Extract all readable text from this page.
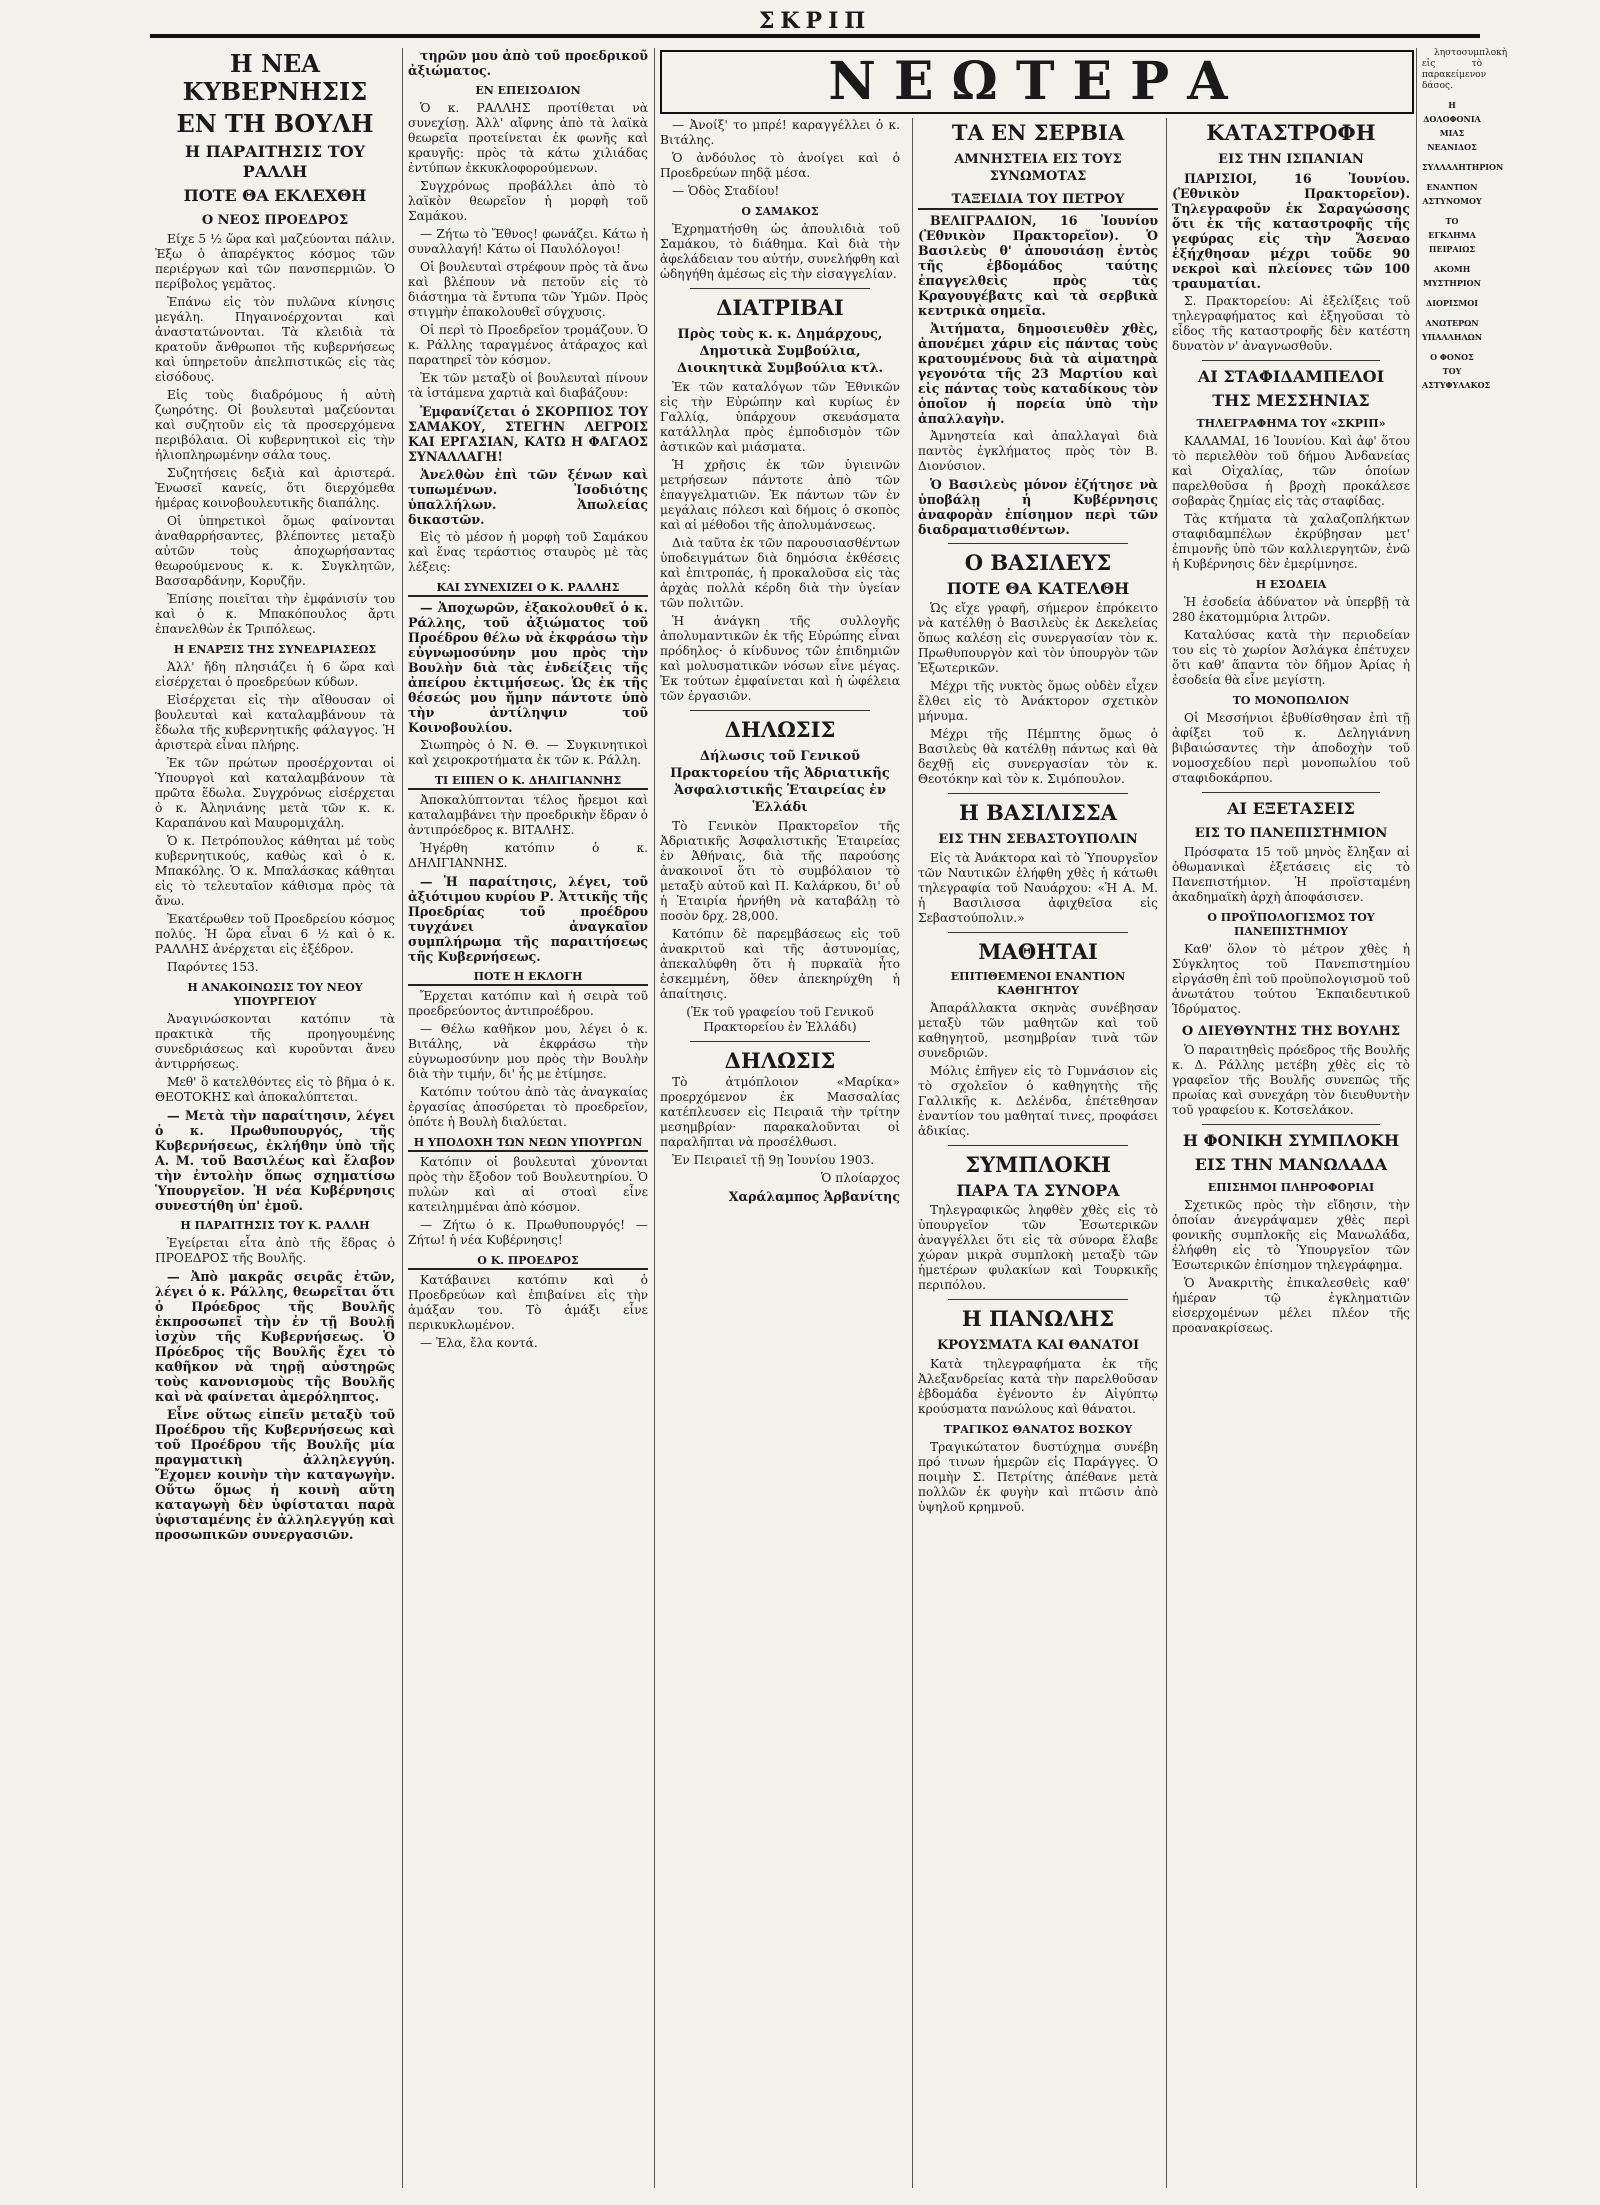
ΣΚΡΙΠ
Η ΝΕΑ ΚΥΒΕΡΝΗΣΙΣ
ΕΝ ΤΗ ΒΟΥΛΗ
Η ΠΑΡΑΙΤΗΣΙΣ ΤΟΥ ΡΑΛΛΗ
ΠΟΤΕ ΘΑ ΕΚΛΕΧΘΗ
Ο ΝΕΟΣ ΠΡΟΕΔΡΟΣ

Είχε 5 ½ ὥρα καὶ μαζεύονται πάλιν. Ἐξω ὁ ἀπαρέγκτος κόσμος τῶν περιέργων καὶ τῶν πανσπερμιῶν. Ὁ περίβολος γεμᾶτος.

Ἐπάνω εἰς τὸν πυλῶνα κίνησις μεγάλη. Πηγαινοέρχονται καὶ ἀναστατώνονται. Τὰ κλειδιὰ τὰ κρατοῦν ἄνθρωποι τῆς κυβερνήσεως καὶ ὑπηρετοῦν ἀπελπιστικῶς εἰς τὰς εἰσόδους.

Εἰς τοὺς διαδρόμους ἡ αὐτὴ ζωηρότης. Οἱ βουλευταὶ μαζεύονται καὶ συζητοῦν εἰς τὰ προσερχόμενα περιβόλαια. Οἱ κυβερνητικοὶ εἰς τὴν ἡλιοπληρωμένην σάλα τους.

Συζητήσεις δεξιὰ καὶ ἀριστερά. Ἐνωσεῖ κανείς, ὅτι διερχόμεθα ἡμέρας κοινοβουλευτικῆς διαπάλης.

Οἱ ὑπηρετικοὶ ὅμως φαίνονται ἀναθαρρήσαντες, βλέποντες μεταξὺ αὐτῶν τοὺς ἀποχωρήσαντας θεωρούμενους κ. κ. Συγκλητῶν, Βασσαρδάνην, Κορυζῆν.

Ἐπίσης ποιεῖται τὴν ἐμφάνισίν του καὶ ὁ κ. Μπακόπουλος ἄρτι ἐπανελθὼν ἐκ Τριπόλεως.

Η ΕΝΑΡΞΙΣ ΤΗΣ ΣΥΝΕΔΡΙΑΣΕΩΣ

Ἀλλ' ἤδη πλησιάζει ἡ 6 ὥρα καὶ εἰσέρχεται ὁ προεδρεύων κύδων.

Εἰσέρχεται εἰς τὴν αἴθουσαν οἱ βουλευταὶ καὶ καταλαμβάνουν τὰ ἔδωλα τῆς κυβερνητικῆς φάλαγγος. Ἡ ἀριστερὰ εἶναι πλήρης.

Ἐκ τῶν πρώτων προσέρχονται οἱ Ὑπουργοὶ καὶ καταλαμβάνουν τὰ πρῶτα ἕδωλα. Συγχρόνως εἰσέρχεται ὁ κ. Ἀληνιάνης μετὰ τῶν κ. κ. Καραπάνου καὶ Μαυρομιχάλη.

Ὁ κ. Πετρόπουλος κάθηται μέ τοὺς κυβερνητικούς, καθὼς καὶ ὁ κ. Μπακόλης. Ὁ κ. Μπαλάσκας κάθηται εἰς τὸ τελευταῖον κάθισμα πρὸς τὰ ἄνω.

Ἐκατέρωθεν τοῦ Προεδρείου κόσμος πολύς. Ἡ ὥρα εἶναι 6 ½ καὶ ὁ κ. ΡΑΛΛΗΣ ἀνέρχεται εἰς ἐξέδρον.

Παρόντες 153.

Η ΑΝΑΚΟΙΝΩΣΙΣ ΤΟΥ ΝΕΟΥ ΥΠΟΥΡΓΕΙΟΥ

Ἀναγινώσκονται κατόπιν τὰ πρακτικὰ τῆς προηγουμένης συνεδριάσεως καὶ κυροῦνται ἄνευ ἀντιρρήσεως.

Μεθ' ὃ κατελθόντες εἰς τὸ βῆμα ὁ κ. ΘΕΟΤΟΚΗΣ καὶ ἀποκαλύπτεται.

— Μετὰ τὴν παραίτησιν, λέγει ὁ κ. Πρωθυπουργός, τῆς Κυβερνήσεως, ἐκλήθην ὑπὸ τῆς Α. Μ. τοῦ Βασιλέως καὶ ἔλαβον τὴν ἐντολὴν ὅπως σχηματίσω Ὑπουργεῖον. Ἡ νέα Κυβέρνησις συνεστήθη ὑπ' ἐμοῦ.

Η ΠΑΡΑΙΤΗΣΙΣ ΤΟΥ Κ. ΡΑΛΛΗ

Ἐγείρεται εἶτα ἀπὸ τῆς ἕδρας ὁ ΠΡΟΕΔΡΟΣ τῆς Βουλῆς.

— Ἀπὸ μακρᾶς σειρᾶς ἐτῶν, λέγει ὁ κ. Ράλλης, θεωρεῖται ὅτι ὁ Πρόεδρος τῆς Βουλῆς ἐκπροσωπεῖ τὴν ἐν τῇ Βουλῇ ἰσχὺν τῆς Κυβερνήσεως. Ὁ Πρόεδρος τῆς Βουλῆς ἔχει τὸ καθῆκον νὰ τηρῇ αὐστηρῶς τοὺς κανονισμοὺς τῆς Βουλῆς καὶ νὰ φαίνεται ἀμερόληπτος.

Εἶνε οὕτως εἰπεῖν μεταξὺ τοῦ Προέδρου τῆς Κυβερνήσεως καὶ τοῦ Προέδρου τῆς Βουλῆς μία πραγματικὴ ἀλληλεγγύη. Ἔχομεν κοινὴν τὴν καταγωγὴν. Οὕτω ὅμως ἡ κοινὴ αὕτη καταγωγὴ δὲν ὑφίσταται παρὰ ὑφισταμένης ἐν ἀλληλεγγύῃ καὶ προσωπικῶν συνεργασιῶν.

τηρῶν μου ἀπὸ τοῦ προεδρικοῦ ἀξιώματος.

ΕΝ ΕΠΕΙΣΟΔΙΟΝ

Ὁ κ. ΡΑΛΛΗΣ προτίθεται νὰ συνεχίσῃ. Ἀλλ' αἴφνης ἀπὸ τὰ λαϊκὰ θεωρεῖα προτείνεται ἐκ φωνῆς καὶ κραυγῆς: πρὸς τὰ κάτω χιλιάδας ἐντύπων ἐκκυκλοφορούμενων.

Συγχρόνως προβάλλει ἀπὸ τὸ λαϊκὸν θεωρεῖον ἡ μορφὴ τοῦ Σαμάκου.

— Ζήτω τὸ Ἔθνος! φωνάζει. Κάτω ἡ συναλλαγή! Κάτω οἱ Παυλόλογοι!

Οἱ βουλευταὶ στρέφουν πρὸς τὰ ἄνω καὶ βλέπουν νὰ πετοῦν εἰς τὸ διάστημα τὰ ἔντυπα τῶν Ὑμῶν. Πρὸς στιγμὴν ἐπακολουθεῖ σύγχυσις.

Οἱ περὶ τὸ Προεδρεῖον τρομάζουν. Ὁ κ. Ράλλης ταραγμένος ἀτάραχος καὶ παρατηρεῖ τὸν κόσμον.

Ἐκ τῶν μεταξὺ οἱ βουλευταὶ πίνουν τὰ ἱστάμενα χαρτιὰ καὶ διαβάζουν:

Ἐμφανίζεται ὁ ΣΚΟΡΠΙΟΣ ΤΟΥ ΣΑΜΑΚΟΥ, ΣΤΕΓΗΝ ΛΕΓΡΟΙΣ ΚΑΙ ΕΡΓΑΣΙΑΝ, ΚΑΤΩ Η ΦΑΓΑΟΣ ΣΥΝΑΛΛΑΓΗ!

Ἀνελθὼν ἐπὶ τῶν ξένων καὶ τυπωμένων. Ἰσοδιότης ὑπαλλήλων. Ἀπωλείας δικαστῶν.

Εἰς τὸ μέσον ἡ μορφὴ τοῦ Σαμάκου καὶ ἕνας τεράστιος σταυρὸς μὲ τὰς λέξεις:

ΚΑΙ ΣΥΝΕΧΙΖΕΙ Ο Κ. ΡΑΛΛΗΣ

— Ἀποχωρῶν, ἐξακολουθεῖ ὁ κ. Ράλλης, τοῦ ἀξιώματος τοῦ Προέδρου θέλω νὰ ἐκφράσω τὴν εὐγνωμοσύνην μου πρὸς τὴν Βουλὴν διὰ τὰς ἐνδείξεις τῆς ἀπείρου ἐκτιμήσεως. Ὡς ἐκ τῆς θέσεώς μου ἤμην πάντοτε ὑπὸ τὴν ἀντίληψιν τοῦ Κοινοβουλίου.

Σιωπηρὸς ὁ Ν. Θ. — Συγκινητικοὶ καὶ χειροκροτήματα ἐκ τῶν κ. Ράλλη.

ΤΙ ΕΙΠΕΝ Ο Κ. ΔΗΛΙΓΙΑΝΝΗΣ

Ἀποκαλύπτονται τέλος ἤρεμοι καὶ καταλαμβάνει τὴν προεδρικὴν ἕδραν ὁ ἀντιπρόεδρος κ. ΒΙΤΑΛΗΣ.

Ἠγέρθη κατόπιν ὁ κ. ΔΗΛΙΓΙΑΝΝΗΣ.

— Ἡ παραίτησις, λέγει, τοῦ ἀξιότιμου κυρίου Ρ. Ἀττικῆς τῆς Προεδρίας τοῦ προέδρου τυγχάνει ἀναγκαῖον συμπλήρωμα τῆς παραιτήσεως τῆς Κυβερνήσεως.

ΠΟΤΕ Η ΕΚΛΟΓΗ

Ἔρχεται κατόπιν καὶ ἡ σειρὰ τοῦ προεδρεύοντος ἀντιπροέδρου.

— Θέλω καθῆκον μου, λέγει ὁ κ. Βιτάλης, νὰ ἐκφράσω τὴν εὐγνωμοσύνην μου πρὸς τὴν Βουλὴν διὰ τὴν τιμήν, δι' ἧς με ἐτίμησε.

Κατόπιν τούτου ἀπὸ τὰς ἀναγκαίας ἐργασίας ἀποσύρεται τὸ προεδρεῖον, ὁπότε ἡ Βουλὴ διαλύεται.

Η ΥΠΟΔΟΧΗ ΤΩΝ ΝΕΩΝ ΥΠΟΥΡΓΩΝ

Κατόπιν οἱ βουλευταὶ χύνονται πρὸς τὴν ἔξοδον τοῦ Βουλευτηρίου. Ὁ πυλὼν καὶ αἱ στοαὶ εἶνε κατειλημμέναι ἀπὸ κόσμον.

— Ζήτω ὁ κ. Πρωθυπουργός! — Ζήτω! ἡ νέα Κυβέρνησις!

Ο Κ. ΠΡΟΕΔΡΟΣ

Κατάβαινει κατόπιν καὶ ὁ Προεδρεύων καὶ ἐπιβαίνει εἰς τὴν ἁμάξαν του. Τὸ ἁμάξι εἶνε περικυκλωμένον.

— Ἐλα, ἔλα κοντά.

— Ἀνοίξ' το μπρέ! καραγγέλλει ὁ κ. Βιτάλης.

Ὁ ἀνδόυλος τὸ ἀνοίγει καὶ ὁ Προεδρεύων πηδᾷ μέσα.

— Ὁδὸς Σταδίου!

Ο ΣΑΜΑΚΟΣ

Ἐχρηματήσθη ὡς ἀπουλιδιὰ τοῦ Σαμάκου, τὸ διάθημα. Καὶ διὰ τὴν ἀφελάδειαν του αὐτήν, συνελήφθη καὶ ὡδηγήθη ἀμέσως εἰς τὴν εἰσαγγελίαν.

ΔΙΑΤΡΙΒΑΙ
Πρὸς τοὺς κ. κ. Δημάρχους, Δημοτικὰ Συμβούλια, Διοικητικὰ Συμβούλια κτλ.

Ἐκ τῶν καταλόγων τῶν Ἐθνικῶν εἰς τὴν Εὐρώπην καὶ κυρίως ἐν Γαλλίᾳ, ὑπάρχουν σκευάσματα κατάλληλα πρὸς ἐμποδισμὸν τῶν ἀστικῶν καὶ μιάσματα.

Ἡ χρῆσις ἐκ τῶν ὑγιεινῶν μετρήσεων πάντοτε ἀπὸ τῶν ἐπαγγελματιῶν. Ἐκ πάντων τῶν ἐν μεγάλαις πόλεσι καὶ δήμοις ὁ σκοπὸς καὶ αἱ μέθοδοι τῆς ἀπολυμάνσεως.

Διὰ ταῦτα ἐκ τῶν παρουσιασθέντων ὑποδειγμάτων διὰ δημόσια ἐκθέσεις καὶ ἐπιτροπάς, ἡ προκαλοῦσα εἰς τὰς ἀρχὰς πολλὰ κέρδη διὰ τὴν ὑγείαν τῶν πολιτῶν.

Ἡ ἀνάγκη τῆς συλλογῆς ἀπολυμαντικῶν ἐκ τῆς Εὐρώπης εἶναι πρόδηλος· ὁ κίνδυνος τῶν ἐπιδημιῶν καὶ μολυσματικῶν νόσων εἶνε μέγας. Ἐκ τούτων ἐμφαίνεται καὶ ἡ ὠφέλεια τῶν ἐργασιῶν.

ΔΗΛΩΣΙΣ
Δήλωσις τοῦ Γενικοῦ Πρακτορείου τῆς Ἀδριατικῆς Ἀσφαλιστικῆς Ἑταιρείας ἐν Ἑλλάδι

Τὸ Γενικὸν Πρακτορεῖον τῆς Ἀδριατικῆς Ἀσφαλιστικῆς Ἑταιρείας ἐν Ἀθήναις, διὰ τῆς παρούσης ἀνακοινοῖ ὅτι τὸ συμβόλαιον τὸ μεταξὺ αὐτοῦ καὶ Π. Καλάρκου, δι' οὗ ἡ Ἑταιρία ἠρνήθη νὰ καταβάλῃ τὸ ποσὸν δρχ. 28,000.

Κατόπιν δὲ παρεμβάσεως εἰς τοῦ ἀνακριτοῦ καὶ τῆς ἀστυνομίας, ἀπεκαλύφθη ὅτι ἡ πυρκαϊὰ ἦτο ἐσκεμμένη, ὅθεν ἀπεκηρύχθη ἡ ἀπαίτησις.

(Ἐκ τοῦ γραφείου τοῦ Γενικοῦ Πρακτορείου ἐν Ἑλλάδι)

ΔΗΛΩΣΙΣ

Τὸ ἀτμόπλοιον «Μαρίκα» προερχόμενον ἐκ Μασσαλίας κατέπλευσεν εἰς Πειραιᾶ τὴν τρίτην μεσημβρίαν· παρακαλοῦνται οἱ παραλῆπται νὰ προσέλθωσι.

Ἐν Πειραιεῖ τῇ 9ῃ Ἰουνίου 1903.

Ὁ πλοίαρχος

Χαράλαμπος Ἀρβανίτης

ΝΕΩΤΕΡΑ
ΤΑ ΕΝ ΣΕΡΒΙΑ
ΑΜΝΗΣΤΕΙΑ ΕΙΣ ΤΟΥΣ ΣΥΝΩΜΟΤΑΣ
ΤΑΞΕΙΔΙΑ ΤΟΥ ΠΕΤΡΟΥ

ΒΕΛΙΓΡΑΔΙΟΝ, 16 Ἰουνίου (Ἐθνικὸν Πρακτορεῖον). Ὁ Βασιλεὺς θ' ἀπουσιάσῃ ἐντὸς τῆς ἑβδομάδος ταύτης ἐπαγγελθεὶς πρὸς τὰς Κραγουγέβατς καὶ τὰ σερβικὰ κεντρικὰ σημεῖα.

Ἀιτήματα, δημοσιευθὲν χθὲς, ἀπονέμει χάριν εἰς πάντας τοὺς κρατουμένους διὰ τὰ αἱματηρὰ γεγονότα τῆς 23 Μαρτίου καὶ εἰς πάντας τοὺς καταδίκους τὸν ὁποῖον ἡ πορεία ὑπὸ τὴν ἀπαλλαγὴν.

Ἀμνηστεία καὶ ἀπαλλαγαὶ διὰ παντὸς ἐγκλήματος πρὸς τὸν Β. Διονύσιον.

Ὁ Βασιλεὺς μόνον ἐζήτησε νὰ ὑποβάλῃ ἡ Κυβέρνησις ἀναφορὰν ἐπίσημον περὶ τῶν διαδραματισθέντων.

Ο ΒΑΣΙΛΕΥΣ
ΠΟΤΕ ΘΑ ΚΑΤΕΛΘΗ

Ὡς εἴχε γραφῆ, σήμερον ἐπρόκειτο νὰ κατέλθῃ ὁ Βασιλεὺς ἐκ Δεκελείας ὅπως καλέσῃ εἰς συνεργασίαν τὸν κ. Πρωθυπουργὸν καὶ τὸν ὑπουργὸν τῶν Ἐξωτερικῶν.

Μέχρι τῆς νυκτὸς ὅμως οὐδὲν εἶχεν ἔλθει εἰς τὸ Ἀνάκτορον σχετικὸν μήνυμα.

Μέχρι τῆς Πέμπτης ὅμως ὁ Βασιλεὺς θὰ κατέλθῃ πάντως καὶ θὰ δεχθῇ εἰς συνεργασίαν τὸν κ. Θεοτόκην καὶ τὸν κ. Σιμόπουλον.

Η ΒΑΣΙΛΙΣΣΑ
ΕΙΣ ΤΗΝ ΣΕΒΑΣΤΟΥΠΟΛΙΝ

Εἰς τὰ Ἀνάκτορα καὶ τὸ Ὑπουργεῖον τῶν Ναυτικῶν ἐλήφθη χθὲς ἡ κάτωθι τηλεγραφία τοῦ Ναυάρχου: «Ἡ Α. Μ. ἡ Βασιλισσα ἀφιχθεῖσα εἰς Σεβαστούπολιν.»

ΜΑΘΗΤΑΙ
ΕΠΙΤΙΘΕΜΕΝΟΙ ΕΝΑΝΤΙΟΝ ΚΑΘΗΓΗΤΟΥ

Ἀπαράλλακτα σκηνὰς συνέβησαν μεταξὺ τῶν μαθητῶν καὶ τοῦ καθηγητοῦ, μεσημβρίαν τινὰ τῶν συνεδριῶν.

Μόλις ἐπῆγεν εἰς τὸ Γυμνάσιον εἰς τὸ σχολεῖον ὁ καθηγητὴς τῆς Γαλλικῆς κ. Δελένδα, ἐπέτεθησαν ἐναντίον του μαθηταί τινες, προφάσει ἀδικίας.

ΣΥΜΠΛΟΚΗ
ΠΑΡΑ ΤΑ ΣΥΝΟΡΑ

Τηλεγραφικῶς ληφθὲν χθὲς εἰς τὸ ὑπουργεῖον τῶν Ἐσωτερικῶν ἀναγγέλλει ὅτι εἰς τὰ σύνορα ἔλαβε χώραν μικρὰ συμπλοκὴ μεταξὺ τῶν ἡμετέρων φυλακίων καὶ Τουρκικῆς περιπόλου.

Η ΠΑΝΩΛΗΣ
ΚΡΟΥΣΜΑΤΑ ΚΑΙ ΘΑΝΑΤΟΙ

Κατὰ τηλεγραφήματα ἐκ τῆς Ἀλεξανδρείας κατὰ τὴν παρελθοῦσαν ἑβδομάδα ἐγένοντο ἐν Αἰγύπτῳ κρούσματα πανώλους καὶ θάνατοι.

ΤΡΑΓΙΚΟΣ ΘΑΝΑΤΟΣ ΒΟΣΚΟΥ

Τραγικώτατον δυστύχημα συνέβη πρό τινων ἡμερῶν εἰς Παράγγες. Ὁ ποιμὴν Σ. Πετρίτης ἀπέθανε μετὰ πολλῶν ἐκ φυγὴν καὶ πτῶσιν ἀπὸ ὑψηλοῦ κρημνοῦ.

ΚΑΤΑΣΤΡΟΦΗ
ΕΙΣ ΤΗΝ ΙΣΠΑΝΙΑΝ

ΠΑΡΙΣΙΟΙ, 16 Ἰουνίου. (Ἐθνικὸν Πρακτορεῖον). Τηλεγραφοῦν ἐκ Σαραγώσσης ὅτι ἐκ τῆς καταστροφῆς τῆς γεφύρας εἰς τὴν Ἄσεναο ἐξήχθησαν μέχρι τοῦδε 90 νεκροὶ καὶ πλείονες τῶν 100 τραυματίαι.

Σ. Πρακτορείου: Αἱ ἐξελίξεις τοῦ τηλεγραφήματος καὶ ἐξηγοῦσαι τὸ εἶδος τῆς καταστροφῆς δὲν κατέστη δυνατὸν ν' ἀναγνωσθοῦν.

ΑΙ ΣΤΑΦΙΔΑΜΠΕΛΟΙ
ΤΗΣ ΜΕΣΣΗΝΙΑΣ
ΤΗΛΕΓΡΑΦΗΜΑ ΤΟΥ «ΣΚΡΙΠ»

ΚΑΛΑΜΑΙ, 16 Ἰουνίου. Καὶ ἀφ' ὅτου τὸ περιελθὸν τοῦ δήμου Ἀνδανείας καὶ Οἰχαλίας, τῶν ὁποίων παρελθοῦσα ἡ βροχὴ προκάλεσε σοβαρὰς ζημίας εἰς τὰς σταφίδας.

Τὰς κτήματα τὰ χαλαζοπλήκτων σταφιδαμπέλων ἐκρύβησαν μετ' ἐπιμονῆς ὑπὸ τῶν καλλιεργητῶν, ἐνῶ ἡ Κυβέρνησις δὲν ἐμερίμνησε.

Η ΕΣΟΔΕΙΑ

Ἡ ἐσοδεία ἀδύνατον νὰ ὑπερβῇ τὰ 280 ἑκατομμύρια λιτρῶν.

Καταλύσας κατὰ τὴν περιοδείαν του εἰς τὸ χωρίον Ἀσλάγκα ἐπέτυχεν ὅτι καθ' ἅπαντα τὸν δῆμον Ἀρίας ἡ ἐσοδεία θὰ εἶνε μεγίστη.

ΤΟ ΜΟΝΟΠΩΛΙΟΝ

Οἱ Μεσσήνιοι ἐβυθίσθησαν ἐπὶ τῇ ἀφίξει τοῦ κ. Δεληγιάννη βιβαιώσαντες τὴν ἀποδοχὴν τοῦ νομοσχεδίου περὶ μονοπωλίου τοῦ σταφιδοκάρπου.

ΑΙ ΕΞΕΤΑΣΕΙΣ
ΕΙΣ ΤΟ ΠΑΝΕΠΙΣΤΗΜΙΟΝ

Πρόσφατα 15 τοῦ μηνὸς ἔληξαν αἱ ὀθωμανικαὶ ἐξετάσεις εἰς τὸ Πανεπιστήμιον. Ἡ προϊσταμένη ἀκαδημαϊκὴ ἀρχὴ ἀποφάσισεν.

Ο ΠΡΟΫΠΟΛΟΓΙΣΜΟΣ ΤΟΥ ΠΑΝΕΠΙΣΤΗΜΙΟΥ

Καθ' ὅλον τὸ μέτρον χθὲς ἡ Σύγκλητος τοῦ Πανεπιστημίου εἰργάσθη ἐπὶ τοῦ προϋπολογισμοῦ τοῦ ἀνωτάτου τούτου Ἐκπαιδευτικοῦ Ἱδρύματος.

Ο ΔΙΕΥΘΥΝΤΗΣ ΤΗΣ ΒΟΥΛΗΣ

Ὁ παραιτηθεὶς πρόεδρος τῆς Βουλῆς κ. Δ. Ράλλης μετέβη χθὲς εἰς τὸ γραφεῖον τῆς Βουλῆς συνεπῶς τῆς πρωίας καὶ συνεχάρη τὸν διευθυντὴν τοῦ γραφείου κ. Κοτσελάκον.

Η ΦΟΝΙΚΗ ΣΥΜΠΛΟΚΗ
ΕΙΣ ΤΗΝ ΜΑΝΩΛΑΔΑ
ΕΠΙΣΗΜΟΙ ΠΛΗΡΟΦΟΡΙΑΙ

Σχετικῶς πρὸς τὴν εἴδησιν, τὴν ὁποίαν ἀνεγράψαμεν χθὲς περὶ φονικῆς συμπλοκῆς εἰς Μανωλάδα, ἐλήφθη εἰς τὸ Ὑπουργεῖον τῶν Ἐσωτερικῶν ἐπίσημον τηλεγράφημα.

Ὁ Ἀνακριτὴς ἐπικαλεσθεὶς καθ' ἡμέραν τῷ ἐγκληματιῶν εἰσερχομένων μέλει πλέον τῆς προανακρίσεως.

ληστοσυμπλοκὴ εἰς τὸ παρακείμενον δάσος.

Η ΔΟΛΟΦΟΝΙΑ ΜΙΑΣ ΝΕΑΝΙΔΟΣ
ΣΥΛΛΑΛΗΤΗΡΙΟΝ
ΕΝΑΝΤΙΟΝ ΑΣΤΥΝΟΜΟΥ
ΤΟ ΕΓΚΛΗΜΑ ΠΕΙΡΑΙΩΣ
ΑΚΟΜΗ ΜΥΣΤΗΡΙΟΝ
ΔΙΟΡΙΣΜΟΙ
ΑΝΩΤΕΡΩΝ ΥΠΑΛΛΗΛΩΝ
Ο ΦΟΝΟΣ ΤΟΥ ΑΣΤΥΦΥΛΑΚΟΣ
